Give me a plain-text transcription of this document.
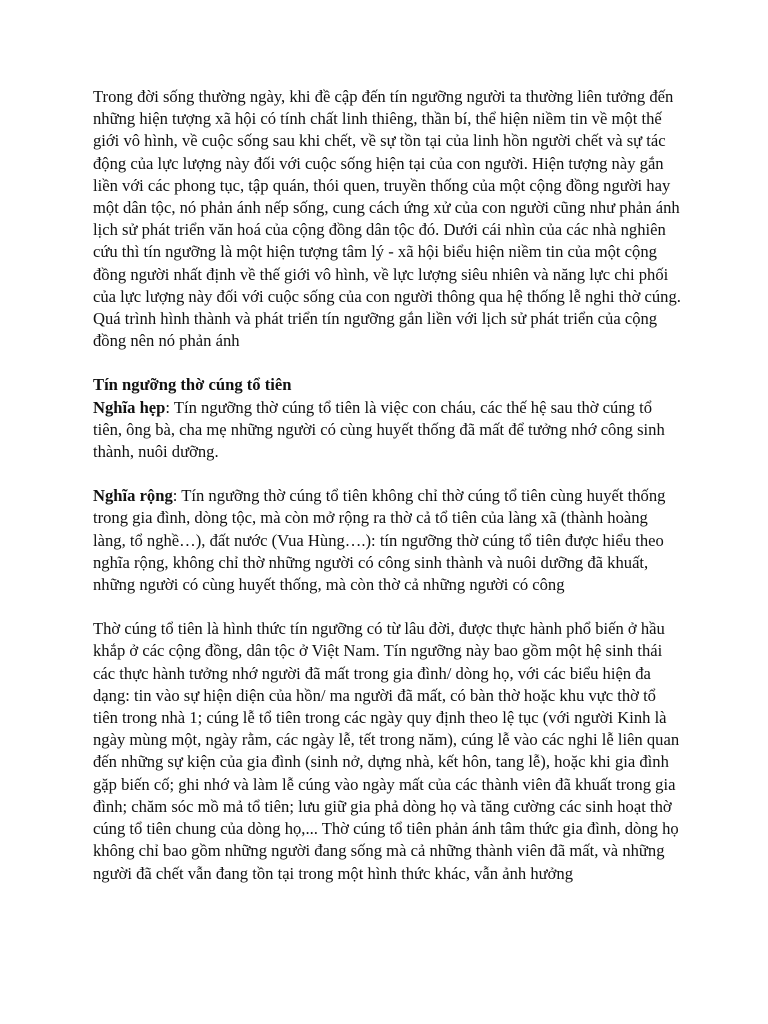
Trong đời sống thường ngày, khi đề cập đến tín ngưỡng người ta thường liên tưởng đến những hiện tượng xã hội có tính chất linh thiêng, thần bí, thể hiện niềm tin về một thế giới vô hình, về cuộc sống sau khi chết, về sự tồn tại của linh hồn người chết và sự tác động của lực lượng này đối với cuộc sống hiện tại của con người. Hiện tượng này gắn liền với các phong tục, tập quán, thói quen, truyền thống của một cộng đồng người hay một dân tộc, nó phản ánh nếp sống, cung cách ứng xử của con người cũng như phản ánh lịch sử phát triển văn hoá của cộng đồng dân tộc đó. Dưới cái nhìn của các nhà nghiên cứu thì tín ngưỡng là một hiện tượng tâm lý - xã hội biểu hiện niềm tin của một cộng đồng người nhất định về thế giới vô hình, về lực lượng siêu nhiên và năng lực chi phối của lực lượng này đối với cuộc sống của con người thông qua hệ thống lễ nghi thờ cúng. Quá trình hình thành và phát triển tín ngưỡng gắn liền với lịch sử phát triển của cộng đồng nên nó phản ánh

Tín ngưỡng thờ cúng tổ tiên

Nghĩa hẹp: Tín ngưỡng thờ cúng tổ tiên là việc con cháu, các thế hệ sau thờ cúng tổ tiên, ông bà, cha mẹ những người có cùng huyết thống đã mất để tưởng nhớ công sinh thành, nuôi dưỡng.

Nghĩa rộng: Tín ngưỡng thờ cúng tổ tiên không chỉ thờ cúng tổ tiên cùng huyết thống trong gia đình, dòng tộc, mà còn mở rộng ra thờ cả tổ tiên của làng xã (thành hoàng làng, tổ nghề…), đất nước (Vua Hùng….): tín ngưỡng thờ cúng tổ tiên được hiểu theo nghĩa rộng, không chỉ thờ những người có công sinh thành và nuôi dưỡng đã khuất, những người có cùng huyết thống, mà còn thờ cả những người có công

Thờ cúng tổ tiên là hình thức tín ngưỡng có từ lâu đời, được thực hành phổ biến ở hầu khắp ở các cộng đồng, dân tộc ở Việt Nam. Tín ngưỡng này bao gồm một hệ sinh thái các thực hành tưởng nhớ người đã mất trong gia đình/ dòng họ, với các biểu hiện đa dạng: tin vào sự hiện diện của hồn/ ma người đã mất, có bàn thờ hoặc khu vực thờ tổ tiên trong nhà 1; cúng lễ tổ tiên trong các ngày quy định theo lệ tục (với người Kinh là ngày mùng một, ngày rằm, các ngày lễ, tết trong năm), cúng lễ vào các nghi lễ liên quan đến những sự kiện của gia đình (sinh nở, dựng nhà, kết hôn, tang lễ), hoặc khi gia đình gặp biến cố; ghi nhớ và làm lễ cúng vào ngày mất của các thành viên đã khuất trong gia đình; chăm sóc mồ mả tổ tiên; lưu giữ gia phả dòng họ và tăng cường các sinh hoạt thờ cúng tổ tiên chung của dòng họ,... Thờ cúng tổ tiên phản ánh tâm thức gia đình, dòng họ không chỉ bao gồm những người đang sống mà cả những thành viên đã mất, và những người đã chết vẫn đang tồn tại trong một hình thức khác, vẫn ảnh hưởng
